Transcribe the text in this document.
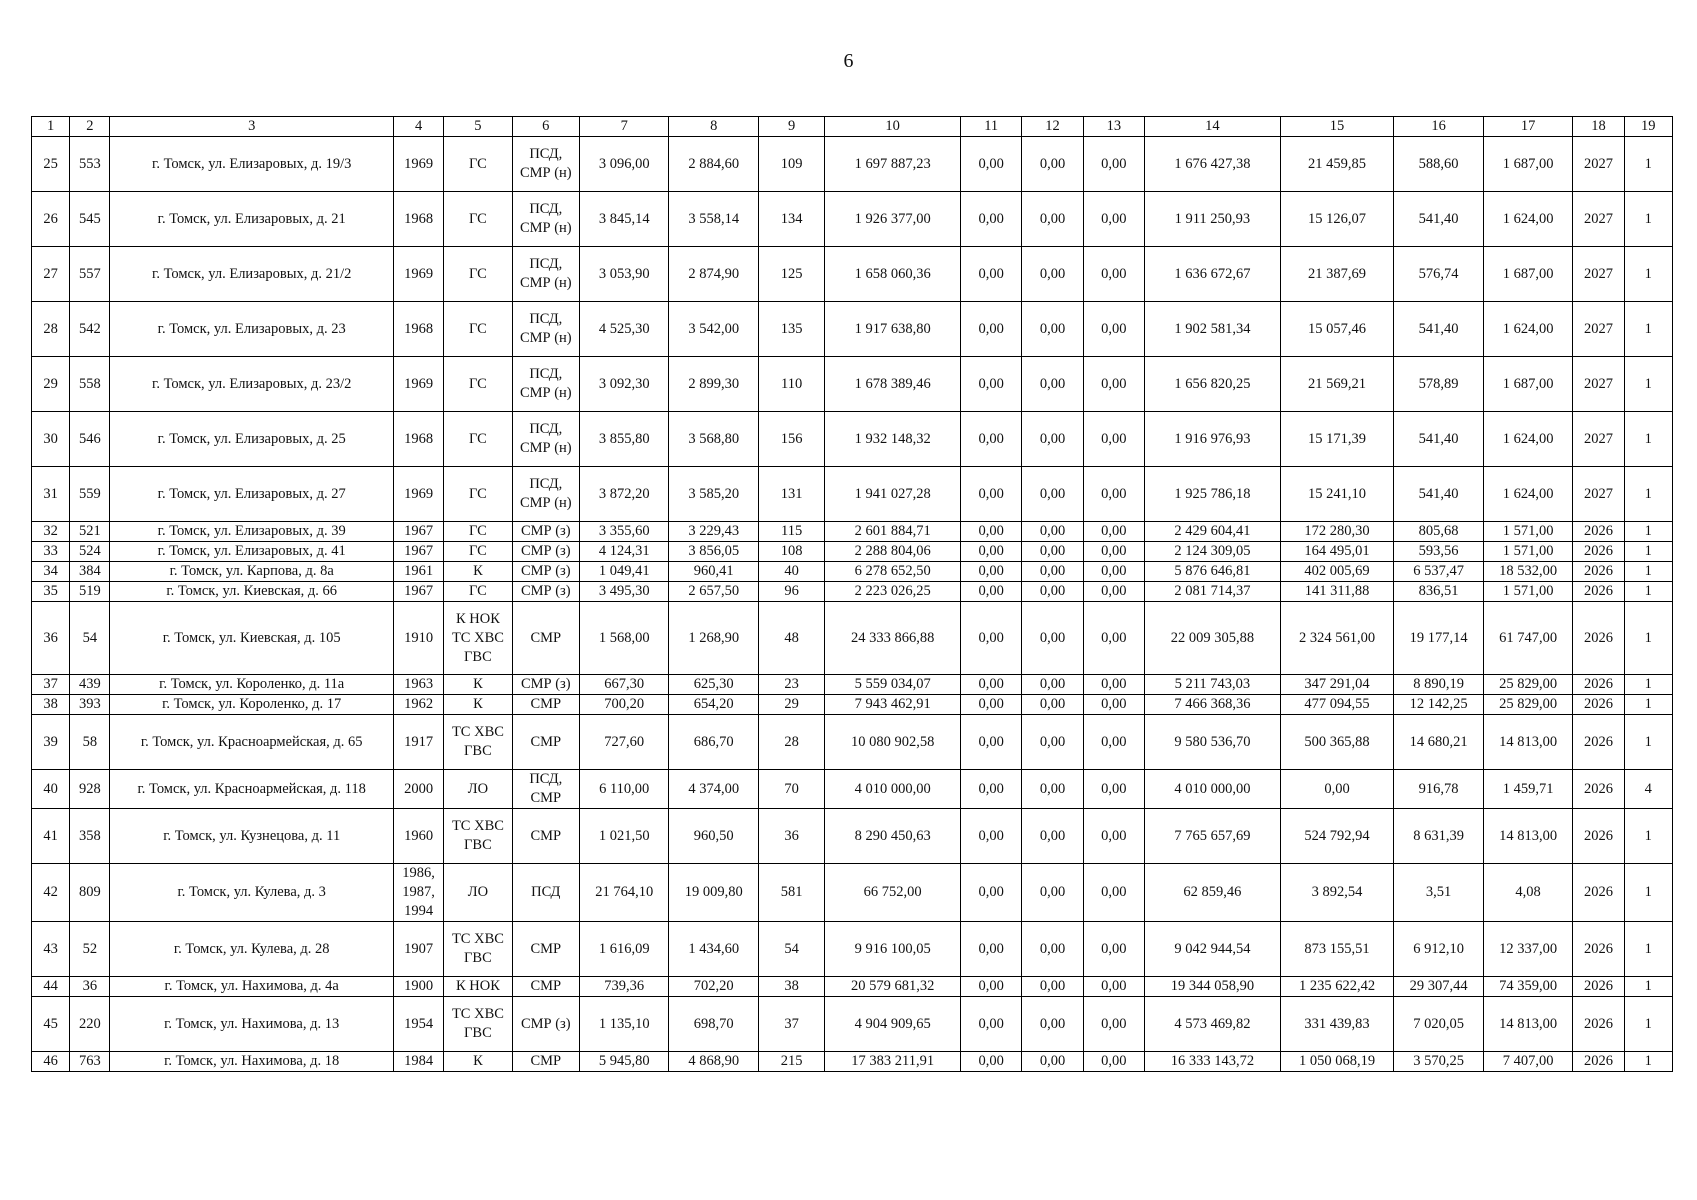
6
1	2	3	4	5	6	7	8	9	10	11	12	13	14	15	16	17	18	19
25	553	г. Томск, ул. Елизаровых, д. 19/3	1969	ГС	ПСД, СМР (н)	3 096,00	2 884,60	109	1 697 887,23	0,00	0,00	0,00	1 676 427,38	21 459,85	588,60	1 687,00	2027	1
26	545	г. Томск, ул. Елизаровых, д. 21	1968	ГС	ПСД, СМР (н)	3 845,14	3 558,14	134	1 926 377,00	0,00	0,00	0,00	1 911 250,93	15 126,07	541,40	1 624,00	2027	1
27	557	г. Томск, ул. Елизаровых, д. 21/2	1969	ГС	ПСД, СМР (н)	3 053,90	2 874,90	125	1 658 060,36	0,00	0,00	0,00	1 636 672,67	21 387,69	576,74	1 687,00	2027	1
28	542	г. Томск, ул. Елизаровых, д. 23	1968	ГС	ПСД, СМР (н)	4 525,30	3 542,00	135	1 917 638,80	0,00	0,00	0,00	1 902 581,34	15 057,46	541,40	1 624,00	2027	1
29	558	г. Томск, ул. Елизаровых, д. 23/2	1969	ГС	ПСД, СМР (н)	3 092,30	2 899,30	110	1 678 389,46	0,00	0,00	0,00	1 656 820,25	21 569,21	578,89	1 687,00	2027	1
30	546	г. Томск, ул. Елизаровых, д. 25	1968	ГС	ПСД, СМР (н)	3 855,80	3 568,80	156	1 932 148,32	0,00	0,00	0,00	1 916 976,93	15 171,39	541,40	1 624,00	2027	1
31	559	г. Томск, ул. Елизаровых, д. 27	1969	ГС	ПСД, СМР (н)	3 872,20	3 585,20	131	1 941 027,28	0,00	0,00	0,00	1 925 786,18	15 241,10	541,40	1 624,00	2027	1
32	521	г. Томск, ул. Елизаровых, д. 39	1967	ГС	СМР (з)	3 355,60	3 229,43	115	2 601 884,71	0,00	0,00	0,00	2 429 604,41	172 280,30	805,68	1 571,00	2026	1
33	524	г. Томск, ул. Елизаровых, д. 41	1967	ГС	СМР (з)	4 124,31	3 856,05	108	2 288 804,06	0,00	0,00	0,00	2 124 309,05	164 495,01	593,56	1 571,00	2026	1
34	384	г. Томск, ул. Карпова, д. 8а	1961	К	СМР (з)	1 049,41	960,41	40	6 278 652,50	0,00	0,00	0,00	5 876 646,81	402 005,69	6 537,47	18 532,00	2026	1
35	519	г. Томск, ул. Киевская, д. 66	1967	ГС	СМР (з)	3 495,30	2 657,50	96	2 223 026,25	0,00	0,00	0,00	2 081 714,37	141 311,88	836,51	1 571,00	2026	1
36	54	г. Томск, ул. Киевская, д. 105	1910	К НОК ТС ХВС ГВС	СМР	1 568,00	1 268,90	48	24 333 866,88	0,00	0,00	0,00	22 009 305,88	2 324 561,00	19 177,14	61 747,00	2026	1
37	439	г. Томск, ул. Короленко, д. 11а	1963	К	СМР (з)	667,30	625,30	23	5 559 034,07	0,00	0,00	0,00	5 211 743,03	347 291,04	8 890,19	25 829,00	2026	1
38	393	г. Томск, ул. Короленко, д. 17	1962	К	СМР	700,20	654,20	29	7 943 462,91	0,00	0,00	0,00	7 466 368,36	477 094,55	12 142,25	25 829,00	2026	1
39	58	г. Томск, ул. Красноармейская, д. 65	1917	ТС ХВС ГВС	СМР	727,60	686,70	28	10 080 902,58	0,00	0,00	0,00	9 580 536,70	500 365,88	14 680,21	14 813,00	2026	1
40	928	г. Томск, ул. Красноармейская, д. 118	2000	ЛО	ПСД, СМР	6 110,00	4 374,00	70	4 010 000,00	0,00	0,00	0,00	4 010 000,00	0,00	916,78	1 459,71	2026	4
41	358	г. Томск, ул. Кузнецова, д. 11	1960	ТС ХВС ГВС	СМР	1 021,50	960,50	36	8 290 450,63	0,00	0,00	0,00	7 765 657,69	524 792,94	8 631,39	14 813,00	2026	1
42	809	г. Томск, ул. Кулева, д. 3	1986, 1987, 1994	ЛО	ПСД	21 764,10	19 009,80	581	66 752,00	0,00	0,00	0,00	62 859,46	3 892,54	3,51	4,08	2026	1
43	52	г. Томск, ул. Кулева, д. 28	1907	ТС ХВС ГВС	СМР	1 616,09	1 434,60	54	9 916 100,05	0,00	0,00	0,00	9 042 944,54	873 155,51	6 912,10	12 337,00	2026	1
44	36	г. Томск, ул. Нахимова, д. 4а	1900	К НОК	СМР	739,36	702,20	38	20 579 681,32	0,00	0,00	0,00	19 344 058,90	1 235 622,42	29 307,44	74 359,00	2026	1
45	220	г. Томск, ул. Нахимова, д. 13	1954	ТС ХВС ГВС	СМР (з)	1 135,10	698,70	37	4 904 909,65	0,00	0,00	0,00	4 573 469,82	331 439,83	7 020,05	14 813,00	2026	1
46	763	г. Томск, ул. Нахимова, д. 18	1984	К	СМР	5 945,80	4 868,90	215	17 383 211,91	0,00	0,00	0,00	16 333 143,72	1 050 068,19	3 570,25	7 407,00	2026	1
